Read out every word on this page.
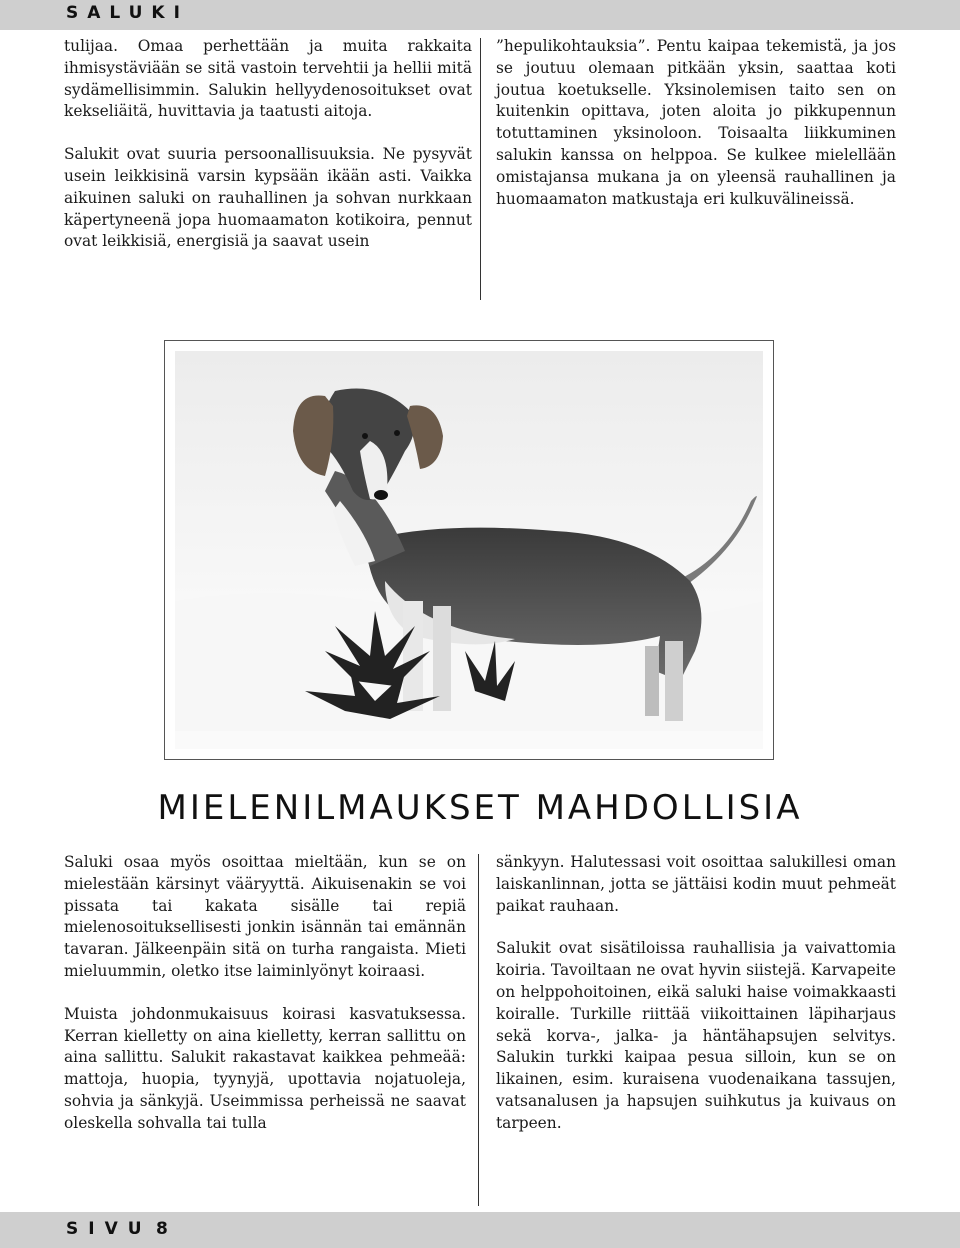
SALUKI

tulijaa. Omaa perhettään ja muita rakkaita ihmisystäviään se sitä vastoin tervehtii ja hellii mitä sydämellisimmin. Salukin hellyydenosoitukset ovat kekseliäitä, huvittavia ja taatusti aitoja.

Salukit ovat suuria persoonallisuuksia. Ne pysyvät usein leikkisinä varsin kypsään ikään asti. Vaikka aikuinen saluki on rauhallinen ja sohvan nurkkaan käpertyneenä jopa huomaamaton kotikoira, pennut ovat leikkisiä, energisiä ja saavat usein

”hepulikohtauksia”. Pentu kaipaa tekemistä, ja jos se joutuu olemaan pitkään yksin, saattaa koti joutua koetukselle. Yksinolemisen taito sen on kuitenkin opittava, joten aloita jo pikkupennun totuttaminen yksinoloon. Toisaalta liikkuminen salukin kanssa on helppoa. Se kulkee mielellään omistajansa mukana ja on yleensä rauhallinen ja huomaamaton matkustaja eri kulkuvälineissä.

MIELENILMAUKSET MAHDOLLISIA

Saluki osaa myös osoittaa mieltään, kun se on mielestään kärsinyt vääryyttä. Aikuisenakin se voi pissata tai kakata sisälle tai repiä mielenosoituksellisesti jonkin isännän tai emännän tavaran. Jälkeenpäin sitä on turha rangaista. Mieti mieluummin, oletko itse laiminlyönyt koiraasi.

Muista johdonmukaisuus koirasi kasvatuksessa. Kerran kielletty on aina kielletty, kerran sallittu on aina sallittu. Salukit rakastavat kaikkea pehmeää: mattoja, huopia, tyynyjä, upottavia nojatuoleja, sohvia ja sänkyjä. Useimmissa perheissä ne saavat oleskella sohvalla tai tulla

sänkyyn. Halutessasi voit osoittaa salukillesi oman laiskanlinnan, jotta se jättäisi kodin muut pehmeät paikat rauhaan.

Salukit ovat sisätiloissa rauhallisia ja vaivattomia koiria. Tavoiltaan ne ovat hyvin siistejä. Karvapeite on helppohoitoinen, eikä saluki haise voimakkaasti koiralle. Turkille riittää viikoittainen läpiharjaus sekä korva-, jalka- ja häntähapsujen selvitys. Salukin turkki kaipaa pesua silloin, kun se on likainen, esim. kuraisena vuodenaikana tassujen, vatsanalusen ja hapsujen suihkutus ja kuivaus on tarpeen.

SIVU 8
